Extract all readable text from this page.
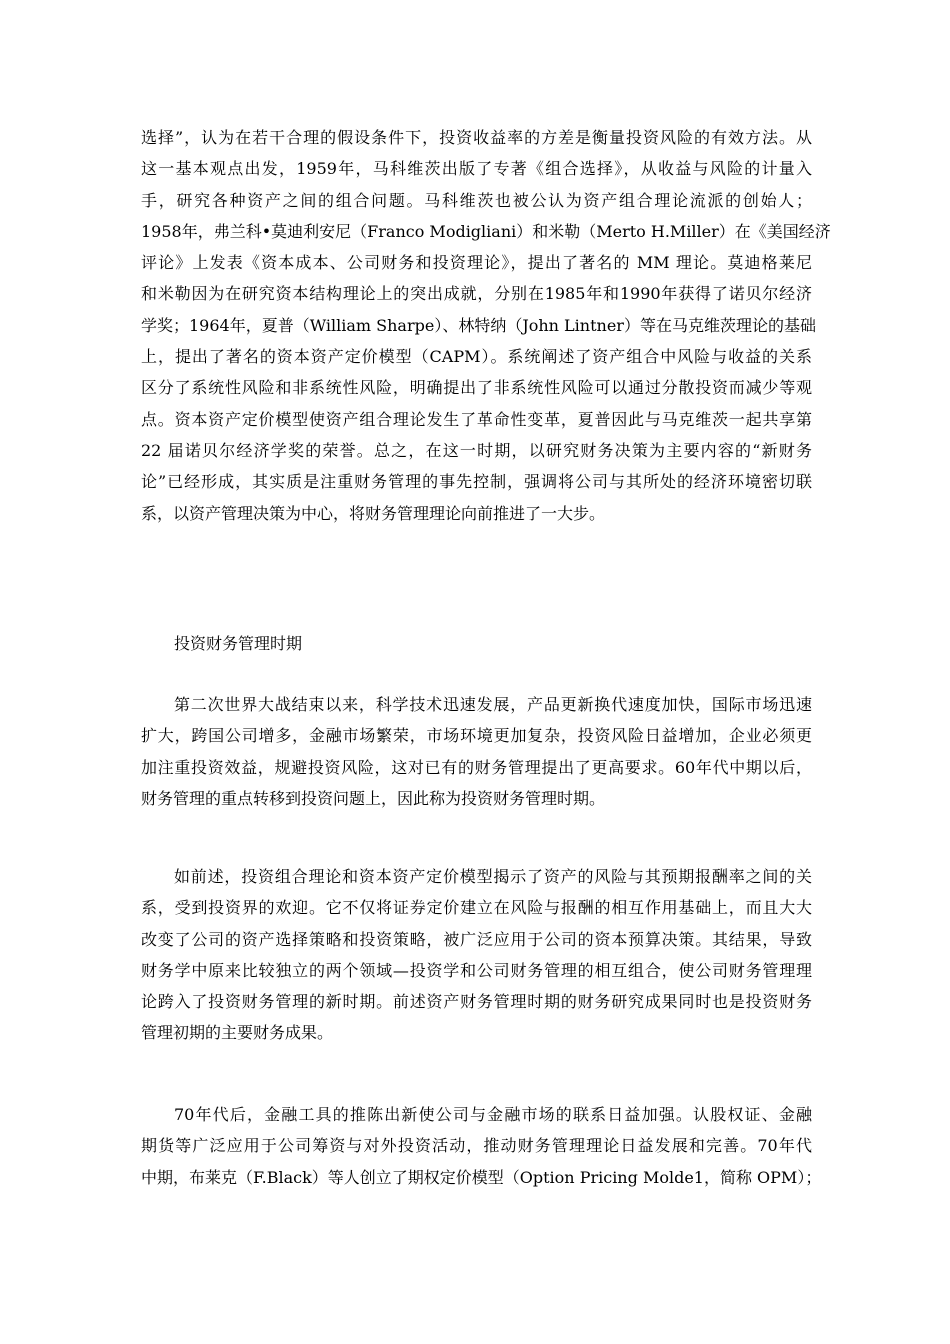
选择”，认为在若干合理的假设条件下，投资收益率的方差是衡量投资风险的有效方法。从
这一基本观点出发，1959年，马科维茨出版了专著《组合选择》，从收益与风险的计量入
手，研究各种资产之间的组合问题。马科维茨也被公认为资产组合理论流派的创始人；
1958年，弗兰科•莫迪利安尼（Franco Modigliani）和米勒（Merto H.Miller）在《美国经济
评论》上发表《资本成本、公司财务和投资理论》，提出了著名的 MM 理论。莫迪格莱尼
和米勒因为在研究资本结构理论上的突出成就，分别在1985年和1990年获得了诺贝尔经济
学奖；1964年，夏普（William Sharpe）、林特纳（John Lintner）等在马克维茨理论的基础
上，提出了著名的资本资产定价模型（CAPM）。系统阐述了资产组合中风险与收益的关系
区分了系统性风险和非系统性风险，明确提出了非系统性风险可以通过分散投资而减少等观
点。资本资产定价模型使资产组合理论发生了革命性变革，夏普因此与马克维茨一起共享第
22 届诺贝尔经济学奖的荣誉。总之，在这一时期，以研究财务决策为主要内容的“新财务
论”已经形成，其实质是注重财务管理的事先控制，强调将公司与其所处的经济环境密切联
系，以资产管理决策为中心，将财务管理理论向前推进了一大步。
投资财务管理时期
第二次世界大战结束以来，科学技术迅速发展，产品更新换代速度加快，国际市场迅速
扩大，跨国公司增多，金融市场繁荣，市场环境更加复杂，投资风险日益增加，企业必须更
加注重投资效益，规避投资风险，这对已有的财务管理提出了更高要求。60年代中期以后，
财务管理的重点转移到投资问题上，因此称为投资财务管理时期。
如前述，投资组合理论和资本资产定价模型揭示了资产的风险与其预期报酬率之间的关
系，受到投资界的欢迎。它不仅将证券定价建立在风险与报酬的相互作用基础上，而且大大
改变了公司的资产选择策略和投资策略，被广泛应用于公司的资本预算决策。其结果，导致
财务学中原来比较独立的两个领域—投资学和公司财务管理的相互组合，使公司财务管理理
论跨入了投资财务管理的新时期。前述资产财务管理时期的财务研究成果同时也是投资财务
管理初期的主要财务成果。
70年代后，金融工具的推陈出新使公司与金融市场的联系日益加强。认股权证、金融
期货等广泛应用于公司筹资与对外投资活动，推动财务管理理论日益发展和完善。70年代
中期，布莱克（F.Black）等人创立了期权定价模型（Option Pricing Molde1，简称 OPM）；
